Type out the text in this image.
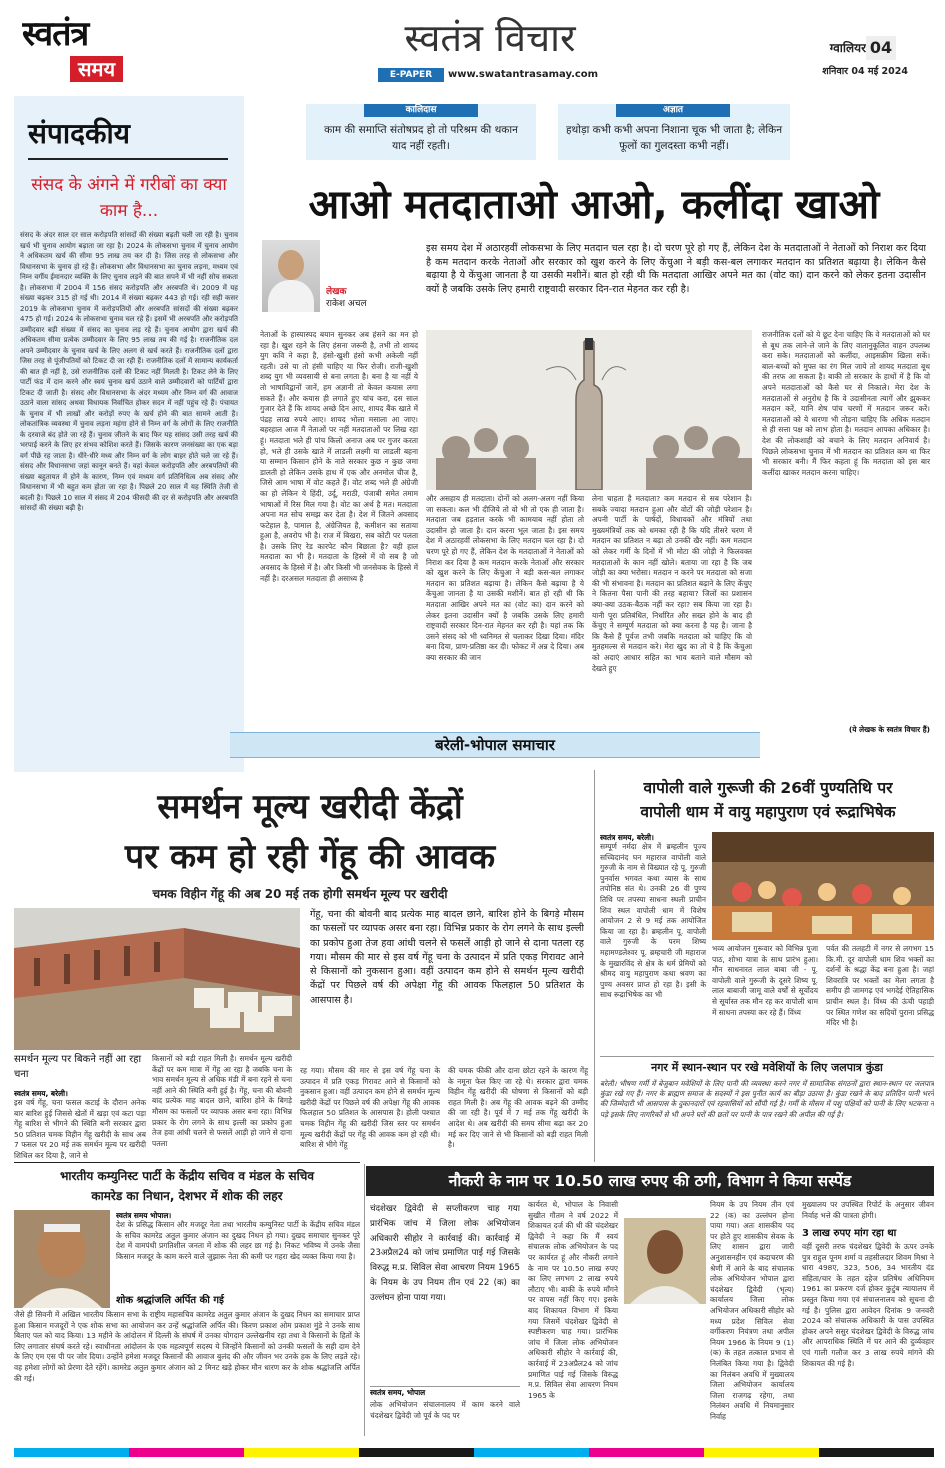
स्वतंत्र
समय
स्वतंत्र विचार
E-PAPER	www.swatantrasamay.com
ग्वालियर 04
शनिवार 04 मई 2024
संपादकीय
संसद के अंगने में गरीबों का क्या काम है...
संसद के अंदर साल दर साल करोड़पति सांसदों की संख्या बढ़ती चली जा रही है। चुनाव खर्च भी चुनाव आयोग बढ़ाता जा रहा है। 2024 के लोकसभा चुनाव में चुनाव आयोग ने अधिकतम खर्च की सीमा 95 लाख तय कर दी है। जिस तरह से लोकसभा और विधानसभा के चुनाव हो रहे हैं। लोकसभा और विधानसभा का चुनाव लड़ना, मध्यम एवं निम्न वर्गीय ईमानदार व्यक्ति के लिए चुनाव लड़ने की बात सपने में भी नहीं सोच सकता है। लोकसभा में 2004 में 156 संसद करोड़पति और अरबपति थे। 2009 में यह संख्या बढ़कर 315 हो गई थी। 2014 में संख्या बढ़कर 443 हो गई। रही सही कसर 2019 के लोकसभा चुनाव में करोड़पतियों और अरबपति सांसदों की संख्या बढ़कर 475 हो गई। 2024 के लोकसभा चुनाव चल रहे हैं। इसमें भी अरबपति और करोड़पति उम्मीदवार बड़ी संख्या में संसद का चुनाव लड़ रहे हैं। चुनाव आयोग द्वारा खर्च की अधिकतम सीमा प्रत्येक उम्मीदवार के लिए 95 लाख तय की गई है। राजनीतिक दल अपने उम्मीदवार के चुनाव खर्च के लिए अलग से खर्च करते हैं। राजनीतिक दलों द्वारा जिस तरह से पूंजीपतियों को टिकट दी जा रही हैं। राजनीतिक दलों में सामान्य कार्यकर्ता की बात ही नहीं है, उसे राजनीतिक दलों की टिकट नहीं मिलती है। टिकट लेने के लिए पार्टी फंड में दान करने और स्वयं चुनाव खर्च उठाने वाले उम्मीदवारों को पार्टियों द्वारा टिकट दी जाती है। संसद और विधानसभा के अंदर मध्यम और निम्न वर्ग की आवाज उठाने वाला सांसद अथवा विधायक निर्वाचित होकर सदन में नहीं पहुंच रहे हैं। पंचायत के चुनाव में भी लाखों और करोड़ों रुपए के खर्च होने की बात सामने आती है। लोकतांत्रिक व्यवस्था में चुनाव लड़ना महंगा होने से निम्न वर्ग के लोगों के लिए राजनीति के दरवाजे बंद होते जा रहे हैं। चुनाव जीतने के बाद फिर यह सांसद उसी तरह खर्च की भरपाई करने के लिए हर संभव कोशिश करते हैं। जिसके कारण जनसंख्या का एक बड़ा वर्ग पीछे रह जाता है। धीरे-धीरे मध्य और निम्न वर्ग के लोग बाहर होते चले जा रहे हैं। संसद और विधानसभा जहां कानून बनते हैं। वहां केवल करोड़पति और अरबपतियों की संख्या बहुतायत में होने के कारण, निम्न एवं मध्यम वर्ग प्रतिनिधित्व अब संसद और विधानसभा में भी बहुत कम होता जा रहा है। पिछले 20 साल में यह स्थिति तेजी से बदली है। पिछले 10 साल में संसद में 204 फीसदी की दर से करोड़पति और अरबपति सांसदों की संख्या बढ़ी है।
कालिदास
काम की समाप्ति संतोषप्रद हो तो परिश्रम की थकान याद नहीं रहती।
अज्ञात
हथोड़ा कभी कभी अपना निशाना चूक भी जाता है; लेकिन फूलों का गुलदस्ता कभी नहीं।
आओ मतदाताओ आओ, कलींदा खाओ
लेखक
राकेश अचल
इस समय देश में अठारहवीं लोकसभा के लिए मतदान चल रहा है। दो चरण पूरे हो गए हैं, लेकिन देश के मतदाताओं ने नेताओं को निराश कर दिया है कम मतदान करके नेताओं और सरकार को खुश करने के लिए केंचुआ ने बड़ी कस-बल लगाकर मतदान का प्रतिशत बढ़ाया है। लेकिन कैसे बढ़ाया है ये केंचुआ जानता है या उसकी मशीनें। बात हो रही थी कि मतदाता आखिर अपने मत का (वोट का) दान करने को लेकर इतना उदासीन क्यों है जबकि उसके लिए हमारी राष्ट्रवादी सरकार दिन-रात मेहनत कर रही है।
नेताओं के हास्यास्पद बयान सुनकर अब हंसने का मन हो रहा है। खुश रहने के लिए हंसना जरूरी है, तभी तो शायद युग कवि ने कहा है, हंसो-खुशी हंसो कभी अकेली नहीं रहती। उसे या तो हंसी चाहिए या फिर रोजी। राजी-खुशी शब्द युग भी व्यवसायी से बना लगता है। बना है या नहीं ये तो भाषाविद्वानों जानें, हम अज्ञानी तो केवल कयास लगा सकते हैं। और कयास ही लगाते हुए यांच करा, दस साल गुजार देते हैं कि शायद अच्छे दिन आए, शायद बैंक खाते में पंद्रह लाख रुपये आए। शायद भोला मसाला आ जाए। बहरहाल आज मैं नेताओं पर नहीं मतदाताओं पर लिख रहा हूं। मतदाता भले ही पांच किलो अनाज अब पर गुजर करता हो, भले ही उसके खाते में लाडली लक्ष्मी या लाडली बहना या सम्मान किसान होने के नाते सरकार कुछ न कुछ जमा डालती हो लेकिन उसके हाथ में एक और अनमोल चीज है, जिसे आम भाषा में वोट कहते हैं। वोट शब्द भले ही अंग्रेजी का हो लेकिन ये हिंदी, उर्दू, मराठी, पंजाबी समेत तमाम भाषाओं में रिस मिल गया है। वोट का अर्थ है मत। मतदाता अपना मत सोच समझ कर देता है। देश में जितने अवसाद फटेहाल है, पामाल है, अंग्रेजियत है, कमीशन का सताया हुआ है, अवरोप भी है। राज में बिखरा, सब कोटी पर पलता है। उसके लिए रेड कारपेट कौन बिछाता है? वही हाल मतदाता का भी है। मतदाता के हिस्से में वो सब है जो अवसाद के हिस्से में है। और किसी भी जनसेवक के हिस्से में नहीं है। दरअसल मतदाता ही असाध्य है
और असहाय ही मतदाता। दोनों को अलग-अलग नहीं किया जा सकता। कल भी दीजिये तो वो भी तो एक ही जाता है। मतदाता जब हड़ताल करके भी कामयाब नहीं होता तो उदासीन हो जाता है। दान करना भूल जाता है। इस समय देश में अठारहवीं लोकसभा के लिए मतदान चल रहा है। दो चरण पूरे हो गए हैं, लेकिन देश के मतदाताओं ने नेताओं को निराश कर दिया है कम मतदान करके नेताओं और सरकार को खुश करने के लिए केंचुआ ने बड़ी कस-बल लगाकर मतदान का प्रतिशत बढ़ाया है। लेकिन कैसे बढ़ाया है ये केंचुआ जानता है या उसकी मशीनें। बात हो रही थी कि मतदाता आखिर अपने मत का (वोट का) दान करने को लेकर इतना उदासीन क्यों है जबकि उसके लिए हमारी राष्ट्रवादी सरकार दिन-रात मेहनत कर रही है। यहां तक कि उसने संसद को भी ध्वनिमत से चलाकर दिखा दिया। मंदिर बना दिया, प्राण-प्रतिष्ठा कर दी। फोकट में अन्न दे दिया। अब क्या सरकार की जान
लेना चाहता है मतदाता? कम मतदान से सब परेशान है। सबके ज्यादा मतदान हुआ और वोटों की जोड़ी परेशान है। अपनी पार्टी के पार्षदों, विधायकों और मंत्रियों तथा मुख्यमंत्रियों तक को धमका रही है कि यदि तीसरे चरण में मतदान का प्रतिशत न बढ़ा तो उनकी खैर नहीं। कम मतदान को लेकर गर्मी के दिनों में भी मोटा की जोड़ी ने फिलवक्त मतदाताओं के कान नहीं खोले। बताया जा रहा है कि जब जोड़ी का क्या भरोसा। मतदान न करने पर मतदाता को सजा की भी संभावना है। मतदान का प्रतिशत बढ़ाने के लिए केंचुए ने कितना पैसा पानी की तरह बहाया? जिलों का प्रशासन क्या-क्या उठक-बैठक नहीं कर रहा? सब किया जा रहा है। यानी पूरा प्रतिबंधित, निर्धारित और सख्त होने के बाद ही केंचुए ने सम्पूर्ण मतदाता को क्या करना है यह है। जाना है कि कैसे हैं पूर्वज तभी जबकि मतदाता को चाहिए कि वो मुतहमल्स से मतदान करे। मेरा खुद का तो ये है कि केंचुआ को अदाएं आधार सहित का भाव बताने वाले मौसम को देखते हुए
राजनीतिक दलों को ये छूट देना चाहिए कि वे मतदाताओं को घर से बूथ तक लाने-ले जाने के लिए वातानुकूलित वाहन उपलब्ध करा सके। मतदाताओं को कलींदा, आइसक्रीम खिला सकें। बाल-बच्चों को मुफ्त का रंग मिल जाये तो शायद मतदाता बूथ की तरफ आ सकता है। बाकी तो सरकार के हाथों में है कि वो अपने मतदाताओं को कैसे घर से निकाले। मेरा देश के मतदाताओं से अनुरोध है कि वे उदासीनता त्यागें और झुककर मतदान करें, यानि शेष पांच चरणों में मतदान जरूर करें। मतदाताओं को ये धारणा भी तोड़ना चाहिए कि अधिक मतदान से ही सत्ता पक्ष को लाभ होता है। मतदान आपका अधिकार है। देश की लोकशाही को बचाने के लिए मतदान अनिवार्य है। पिछले लोकसभा चुनाव में भी मतदान का प्रतिशत कम था फिर भी सरकार बनी। मैं फिर कहता हूं कि मतदाता को इस बार कलींदा खाकर मतदान करना चाहिए।
(ये लेखक के स्वतंत्र विचार हैं)
बरेली-भोपाल समाचार
समर्थन मूल्य खरीदी केंद्रों
पर कम हो रही गेंहू की आवक
चमक विहीन गेंहू की अब 20 मई तक होगी समर्थन मूल्य पर खरीदी
समर्थन मूल्य पर बिकने नहीं आ रहा चना
गेंहू, चना की बोवनी बाद प्रत्येक माह बादल छाने, बारिश होने के बिगड़े मौसम का फसलों पर व्यापक असर बना रहा। विभिन्न प्रकार के रोग लगने के साथ इल्ली का प्रकोप हुआ तेज हवा आंधी चलने से फसलें आड़ी हो जाने से दाना पतला रह गया। मौसम की मार से इस वर्ष गेंहू चना के उत्पादन में प्रति एकड़ गिरावट आने से किसानों को नुकसान हुआ। वहीं उत्पादन कम होने से समर्थन मूल्य खरीदी केंद्रों पर पिछले वर्ष की अपेक्षा गेंहू की आवक फिलहाल 50 प्रतिशत के आसपास है।
स्वतंत्र समय, बरेली।
इस वर्ष गेंहू, चना फसल कटाई के दौरान अनेक बार बारिश हुई जिससे खेतों में खड़ा एवं कटा पड़ा गेंहू बारिश से भीगने की स्थिति बनी सरकार द्वारा 50 प्रतिशत चमक विहीन गेंहू खरीदी के साथ अब 7 फसल पर 20 मई तक समर्थन मूल्य पर खरीदी शिथिल कर दिया है, जाने से
किसानों को बड़ी राहत मिली है। समर्थन मूल्य खरीदी केंद्रों पर कम मात्रा में गेंहू आ रहा है जबकि चना के भाव समर्थन मूल्य से अधिक मंडी में बना रहने से चना नहीं आने की स्थिति बनी हुई है। गेंहू, चना की बोवनी बाद प्रत्येक माह बादल छाने, बारिश होने के बिगड़े मौसम का फसलों पर व्यापक असर बना रहा। विभिन्न प्रकार के रोग लगने के साथ इल्ली का प्रकोप हुआ तेज हवा आंधी चलने से फसलें आड़ी हो जाने से दाना पतला
रह गया। मौसम की मार से इस वर्ष गेंहू चना के उत्पादन में प्रति एकड़ गिरावट आने से किसानों को नुकसान हुआ। वहीं उत्पादन कम होने से समर्थन मूल्य खरीदी केंद्रों पर पिछले वर्ष की अपेक्षा गेंहू की आवक फिलहाल 50 प्रतिशत के आसपास है। होली पश्चात चमक विहीन गेंहू की खरीदी जिस स्तर पर समर्थन मूल्य खरीदी केंद्रों पर गेंहू की आवक कम हो रही थी। बारिश से भीगे गेंहू
की चमक फीकी और दाना छोटा रहने के कारण गेंहू के नमूना फेल किए जा रहे थे। सरकार द्वारा चमक विहीन गेंहू खरीदी की घोषणा से किसानों को बड़ी राहत मिली है। अब गेंहू की आवक बढ़ने की उम्मीद की जा रही है। पूर्व में 7 मई तक गेंहू खरीदी के आदेश थे। अब खरीदी की समय सीमा बढ़ा कर 20 मई कर दिए जाने से भी किसानों को बड़ी राहत मिली है।
वापोली वाले गुरूजी की 26वीं पुण्यतिथि पर
वापोली धाम में वायु महापुराण एवं रूद्राभिषेक
स्वतंत्र समय, बरेली।
सम्पूर्ण नर्मदा क्षेत्र में ब्रम्हलीन पूज्य सच्चिदानंद घन महाराज वापोली वाले गुरुजी के नाम से विख्यात रहे पू. गुरुजी पुनर्वास भगवत कथा व्यास के साथ तपोनिष्ठ संत थे। उनकी 26 वी पुण्य तिथि पर तपस्या साधना स्थली प्राचीन शिव स्थल वापोली धाम में विशेष आयोजन 2 से 9 मई तक आयोजित किया जा रहा है। ब्रम्हलीन पू. वापोली वाले गुरुजी के परम शिष्य महामण्डलेश्वर पू. ब्रम्हचारी जी महाराज के मुखारविंद से क्षेत्र के धर्म प्रेमियों को श्रीमद वायु महापुराण कथा श्रवण का पुण्य अवसर प्राप्त हो रहा है। इसी के साथ रूद्राभिषेक का भी
भव्य आयोजन गुरूवार को विभिन्न पूजा पाठ, शोभा यात्रा के साथ प्रारंभ हुआ। मौन साधनारत लाल बाबा जी - पू. वापोली वाले गुरूजी के दूसरे शिष्य पू. लाल बाबाजी जामू वाले वर्षों से सूर्योदय से सूर्यास्त तक मौन रह कर वापोली धाम में साधना तपस्या कर रहे हैं। विंध्य
पर्वत की तलहटी में नगर से लगभग 15 कि.मी. दूर वापोली धाम शिव भक्तों का दर्शनों के श्रद्धा केंद्र बना हुआ है। जहां शिवरात्रि पर भक्तों का मेला लगता है समीप ही जामगढ़ एवं भगदेई ऐतिहासिक प्राचीन स्थल है। विंध्य की ऊंची पहाड़ी पर स्थित गणेश का सदियों पुराना प्रसिद्ध मंदिर भी है।
नगर में स्थान-स्थान पर रखे मवेशियों के लिए जलपात्र कुंडा
बरेली। भीषण गर्मी में बेजुबान मवेशियों के लिए पानी की व्यवस्था करने नगर में सामाजिक संगठनों द्वारा स्थान-स्थान पर जलपात्र कुंडा रखे गए हैं। नगर के ब्राह्मण समाज के सदस्यों ने इस पुनीत कार्य का बीड़ा उठाया है। कुंडा रखने के बाद प्रतिदिन पानी भरने की जिम्मेदारी भी आसपास के दुकानदारों एवं रहवासियों को सौंपी गई है। गर्मी के मौसम में पशु पक्षियों को पानी के लिए भटकना न पड़े इसके लिए नागरिकों से भी अपने घरों की छतों पर पानी के पात्र रखने की अपील की गई है।
भारतीय कम्युनिस्ट पार्टी के केंद्रीय सचिव व मंडल के सचिव
कामरेड का निधान, देशभर में शोक की लहर
स्वतंत्र समय भोपाल।
देश के प्रसिद्ध किसान और मजदूर नेता तथा भारतीय कम्युनिस्ट पार्टी के केंद्रीय सचिव मंडल के सचिव कामरेड अतुल कुमार अंजान का दुखद निधन हो गया। दुखद समाचार सुनकर पूरे देश में वामपंथी प्रगतिशील जनता में शोक की लहर छा गई है। निकट भविष्य में उनके जैसा किसान मजदूर के काम करने वाले जुझारू नेता की कमी पर गहरा खेद व्यक्त किया गया है।
शोक श्रद्धांजलि अर्पित की गई
जैसे ही सिवनी में अखिल भारतीय किसान सभा के राष्ट्रीय महासचिव कामरेड अतुल कुमार अंजान के दुखद निधन का समाचार प्राप्त हुआ किसान मजदूरों ने एक शोक सभा का आयोजन कर उन्हें श्रद्धांजलि अर्पित की। किरण प्रकाश ओम प्रकाश मुंडे ने उनके साथ बिताए पल को याद किया। 13 महीने के आंदोलन में दिल्ली के संघर्ष में उनका योगदान उल्लेखनीय रहा तथा वे किसानों के हितों के लिए लगातार संघर्ष करते रहे। स्वाधीनता आंदोलन के एक महत्वपूर्ण सदस्य ये जिन्होंने किसानों को उनकी फसलों के सही दाम देने के लिए एम एस पी पर जोर दिया। उन्होंने हमेशा मजदूर किसानों की आवाज बुलंद की और जीवन भर उनके हक के लिए लड़ते रहे। वह हमेशा लोगों को प्रेरणा देते रहेंगे। कामरेड अतुल कुमार अंजान को 2 मिनट खड़े होकर मौन धारण कर के शोक श्रद्धांजलि अर्पित की गई।
नौकरी के नाम पर 10.50 लाख रुपए की ठगी, विभाग ने किया सस्पेंड
चंदशेखर द्विवेदी से सप्लीकरण चाह गया प्रारंभिक जांच में जिला लोक अभियोजन अधिकारी सीहोर ने कार्रवाई की। कार्रवाई में 23अप्रैल24 को जांच प्रमाणित पाई गई जिसके विरुद्ध म.प्र. सिविल सेवा आचरण नियम 1965 के नियम के उप नियम तीन एवं 22 (क) का उल्लंघन होना पाया गया।
स्वतंत्र समय, भोपाल
लोक अभियोजन संचालनालय में काम करने वाले चंदशेखर द्विवेदी जो पूर्व के पद पर
कार्यरत थे, भोपाल के निवासी सुखीत गौतम ने वर्ष 2022 में शिकायत दर्ज की थी की चंदशेखर द्विवेदी ने कहा कि मैं स्वयं संचालक लोक अभियोजन के पद पर कार्यरत हूं और नौकरी लगाने के नाम पर 10.50 लाख रुपए का लिए लगभग 2 लाख रुपये लौटाए भी। बाकी के रुपये माँगने पर वापस नहीं किए गए। इसके बाद शिकायत विभाग में किया गया जिसमें चंदशेखर द्विवेदी से स्पष्टीकरण चाह गया। प्रारंभिक जांच में जिला लोक अभियोजन अधिकारी सीहोर ने कार्रवाई की, कार्रवाई में 23अप्रैल24 को जांच प्रमाणित पाई गई जिसके विरुद्ध म.प्र. सिविल सेवा आचरण नियम 1965 के
नियम के उप नियम तीन एवं 22 (क) का उल्लंघन होना पाया गया। अतः शासकीय पद पर होते हुए शासकीय सेवक के लिए शासन द्वारा जारी अनुशासनहीन एवं कदाचरण की श्रेणी में आने के बाद संचालक लोक अभियोजन भोपाल द्वारा चंदशेखर द्विवेदी (भृत्य) कार्यालय जिला लोक अभियोजन अधिकारी सीहोर को मध्य प्रदेश सिविल सेवा वर्गीकरण नियंत्रण तथा अपील नियम 1966 के नियम 9 (1)(क) के तहत तत्काल प्रभाव से निलंबित किया गया है। द्विवेदी का निलंबन अवधि में मुख्यालय जिला अभियोजन कार्यालय जिला राजगढ़ रहेगा, तथा निलंबन अवधि में नियमानुसार निर्वाह
मुख्यालय पर उपस्थित रिपोर्ट के अनुसार जीवन निर्वाह भत्ते की पात्रता होगी।
3 लाख रुपए मांग रहा था
वहीं दूसरी तरफ चंदशेखर द्विवेदी के ऊपर उनके पुत्र राहुल पूनम शर्मा व तहसीलदार शिवम मिश्रा ने धारा 498ए, 323, 506, 34 भारतीय दंड संहिता/चार के तहत दहेज प्रतिषेध अधिनियम 1961 का प्रकरण दर्ज होकर कुटुंब न्यायालय में प्रस्तुत किया गया एवं संचालनालय को सूचना दी गई है। पुलिस द्वारा आवेदन दिनांक 9 जनवरी 2024 को संचालक अधिकारी के पास उपस्थित होकर अपने ससुर चंदशेखर द्विवेदी के विरुद्ध जांच और आपराधिक स्थिति में घर आने की दुर्व्यवहार एवं गाली गलौज कर 3 लाख रुपये मांगने की शिकायत की गई है।
